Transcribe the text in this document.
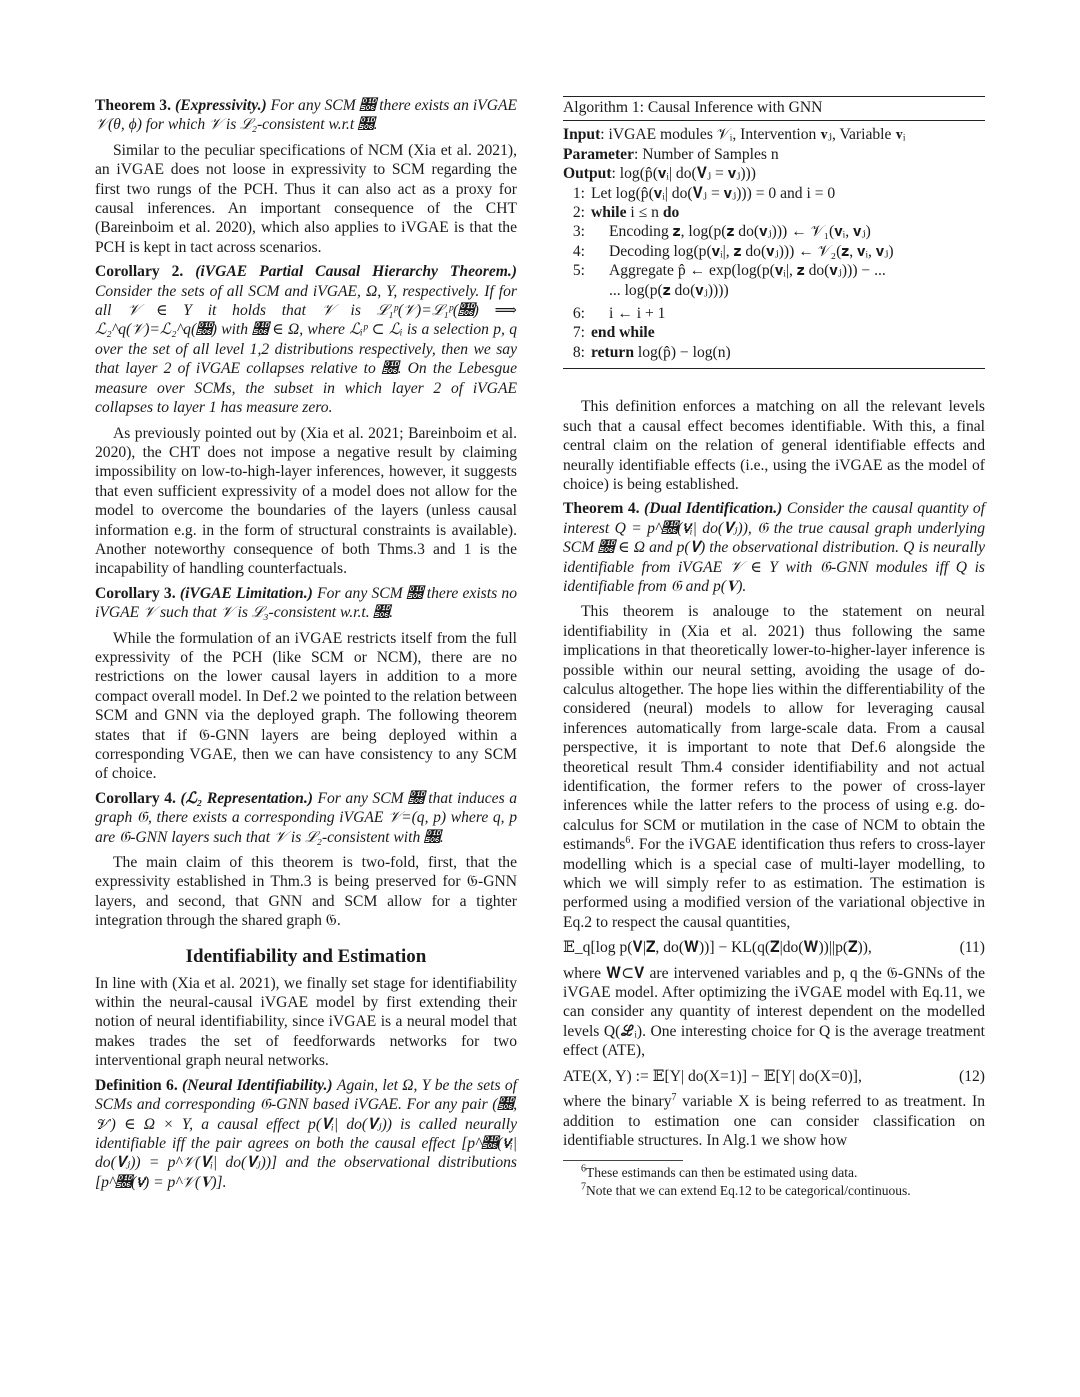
Theorem 3. (Expressivity.) For any SCM 𝔆 there exists an iVGAE 𝒱(θ, ϕ) for which 𝒱 is ℒ₂-consistent w.r.t 𝔆.

Similar to the peculiar specifications of NCM (Xia et al. 2021), an iVGAE does not loose in expressivity to SCM regarding the first two rungs of the PCH. Thus it can also act as a proxy for causal inferences. An important consequence of the CHT (Bareinboim et al. 2020), which also applies to iVGAE is that the PCH is kept in tact across scenarios.

Corollary 2. (iVGAE Partial Causal Hierarchy Theorem.) Consider the sets of all SCM and iVGAE, Ω, Υ, respectively. If for all 𝒱 ∈ Υ it holds that 𝒱 is ℒ₁ᵖ(𝒱)=ℒ₁ᵖ(𝔆) ⟹ ℒ₂^q(𝒱)=ℒ₂^q(𝔆) with 𝔆 ∈ Ω, where ℒᵢᵖ ⊂ ℒᵢ is a selection p, q over the set of all level 1,2 distributions respectively, then we say that layer 2 of iVGAE collapses relative to 𝔆. On the Lebesgue measure over SCMs, the subset in which layer 2 of iVGAE collapses to layer 1 has measure zero.

As previously pointed out by (Xia et al. 2021; Bareinboim et al. 2020), the CHT does not impose a negative result by claiming impossibility on low-to-high-layer inferences, however, it suggests that even sufficient expressivity of a model does not allow for the model to overcome the boundaries of the layers (unless causal information e.g. in the form of structural constraints is available). Another noteworthy consequence of both Thms.3 and 1 is the incapability of handling counterfactuals.

Corollary 3. (iVGAE Limitation.) For any SCM 𝔆 there exists no iVGAE 𝒱 such that 𝒱 is ℒ₃-consistent w.r.t. 𝔆.

While the formulation of an iVGAE restricts itself from the full expressivity of the PCH (like SCM or NCM), there are no restrictions on the lower causal layers in addition to a more compact overall model. In Def.2 we pointed to the relation between SCM and GNN via the deployed graph. The following theorem states that if 𝔊-GNN layers are being deployed within a corresponding VGAE, then we can have consistency to any SCM of choice.

Corollary 4. (ℒ₂ Representation.) For any SCM 𝔆 that induces a graph 𝔊, there exists a corresponding iVGAE 𝒱=(q, p) where q, p are 𝔊-GNN layers such that 𝒱 is ℒ₂-consistent with 𝔆.

The main claim of this theorem is two-fold, first, that the expressivity established in Thm.3 is being preserved for 𝔊-GNN layers, and second, that GNN and SCM allow for a tighter integration through the shared graph 𝔊.

Identifiability and Estimation

In line with (Xia et al. 2021), we finally set stage for identifiability within the neural-causal iVGAE model by first extending their notion of neural identifiability, since iVGAE is a neural model that makes trades the set of feedforwards networks for two interventional graph neural networks.

Definition 6. (Neural Identifiability.) Again, let Ω, Υ be the sets of SCMs and corresponding 𝔊-GNN based iVGAE. For any pair (𝔆, 𝒱) ∈ Ω × Υ, a causal effect p(𝐕ᵢ| do(𝐕ⱼ)) is called neurally identifiable iff the pair agrees on both the causal effect [p^𝔆(𝐕ᵢ| do(𝐕ⱼ)) = p^𝒱(𝐕ᵢ| do(𝐕ⱼ))] and the observational distributions [p^𝔆(𝐕) = p^𝒱(𝐕)].

Algorithm 1: Causal Inference with GNN
Input: iVGAE modules 𝒱ᵢ, Intervention 𝐯ⱼ, Variable 𝐯ᵢ
Parameter: Number of Samples n
Output: log(p̂(𝐯ᵢ| do(𝐕ⱼ = 𝐯ⱼ)))
1: Let log(p̂(𝐯ᵢ| do(𝐕ⱼ = 𝐯ⱼ))) = 0 and i = 0
2: while i ≤ n do
3: Encoding 𝐳, log(p(𝐳 do(𝐯ⱼ))) ← 𝒱₁(𝐯ᵢ, 𝐯ⱼ)
4: Decoding log(p(𝐯ᵢ|, 𝐳 do(𝐯ⱼ))) ← 𝒱₂(𝐳, 𝐯ᵢ, 𝐯ⱼ)
5: Aggregate p̂ ← exp(log(p(𝐯ᵢ|, 𝐳 do(𝐯ⱼ))) − ...
... log(p(𝐳 do(𝐯ⱼ))))
6: i ← i + 1
7: end while
8: return log(p̂) − log(n)

This definition enforces a matching on all the relevant levels such that a causal effect becomes identifiable. With this, a final central claim on the relation of general identifiable effects and neurally identifiable effects (i.e., using the iVGAE as the model of choice) is being established.

Theorem 4. (Dual Identification.) Consider the causal quantity of interest Q = p^𝔆(𝐕ᵢ| do(𝐕ⱼ)), 𝔊 the true causal graph underlying SCM 𝔆 ∈ Ω and p(𝐕) the observational distribution. Q is neurally identifiable from iVGAE 𝒱 ∈ Υ with 𝔊-GNN modules iff Q is identifiable from 𝔊 and p(𝐕).

This theorem is analouge to the statement on neural identifiability in (Xia et al. 2021) thus following the same implications in that theoretically lower-to-higher-layer inference is possible within our neural setting, avoiding the usage of do-calculus altogether. The hope lies within the differentiability of the considered (neural) models to allow for leveraging causal inferences automatically from large-scale data. From a causal perspective, it is important to note that Def.6 alongside the theoretical result Thm.4 consider identifiability and not actual identification, the former refers to the power of cross-layer inferences while the latter refers to the process of using e.g. do-calculus for SCM or mutilation in the case of NCM to obtain the estimands$^6$. For the iVGAE identification thus refers to cross-layer modelling which is a special case of multi-layer modelling, to which we will simply refer to as estimation. The estimation is performed using a modified version of the variational objective in Eq.2 to respect the causal quantities,

𝔼_q[log p(𝐕|𝐙, do(𝐖))] − KL(q(𝐙|do(𝐖))||p(𝐙)),	(11)

where 𝐖⊂𝐕 are intervened variables and p, q the 𝔊-GNNs of the iVGAE model. After optimizing the iVGAE model with Eq.11, we can consider any quantity of interest dependent on the modelled levels Q(ℒᵢ). One interesting choice for Q is the average treatment effect (ATE),

ATE(X, Y) := 𝔼[Y| do(X=1)] − 𝔼[Y| do(X=0)],	(12)

where the binary$^7$ variable X is being referred to as treatment. In addition to estimation one can consider classification on identifiable structures. In Alg.1 we show how

$^6$These estimands can then be estimated using data.
$^7$Note that we can extend Eq.12 to be categorical/continuous.
